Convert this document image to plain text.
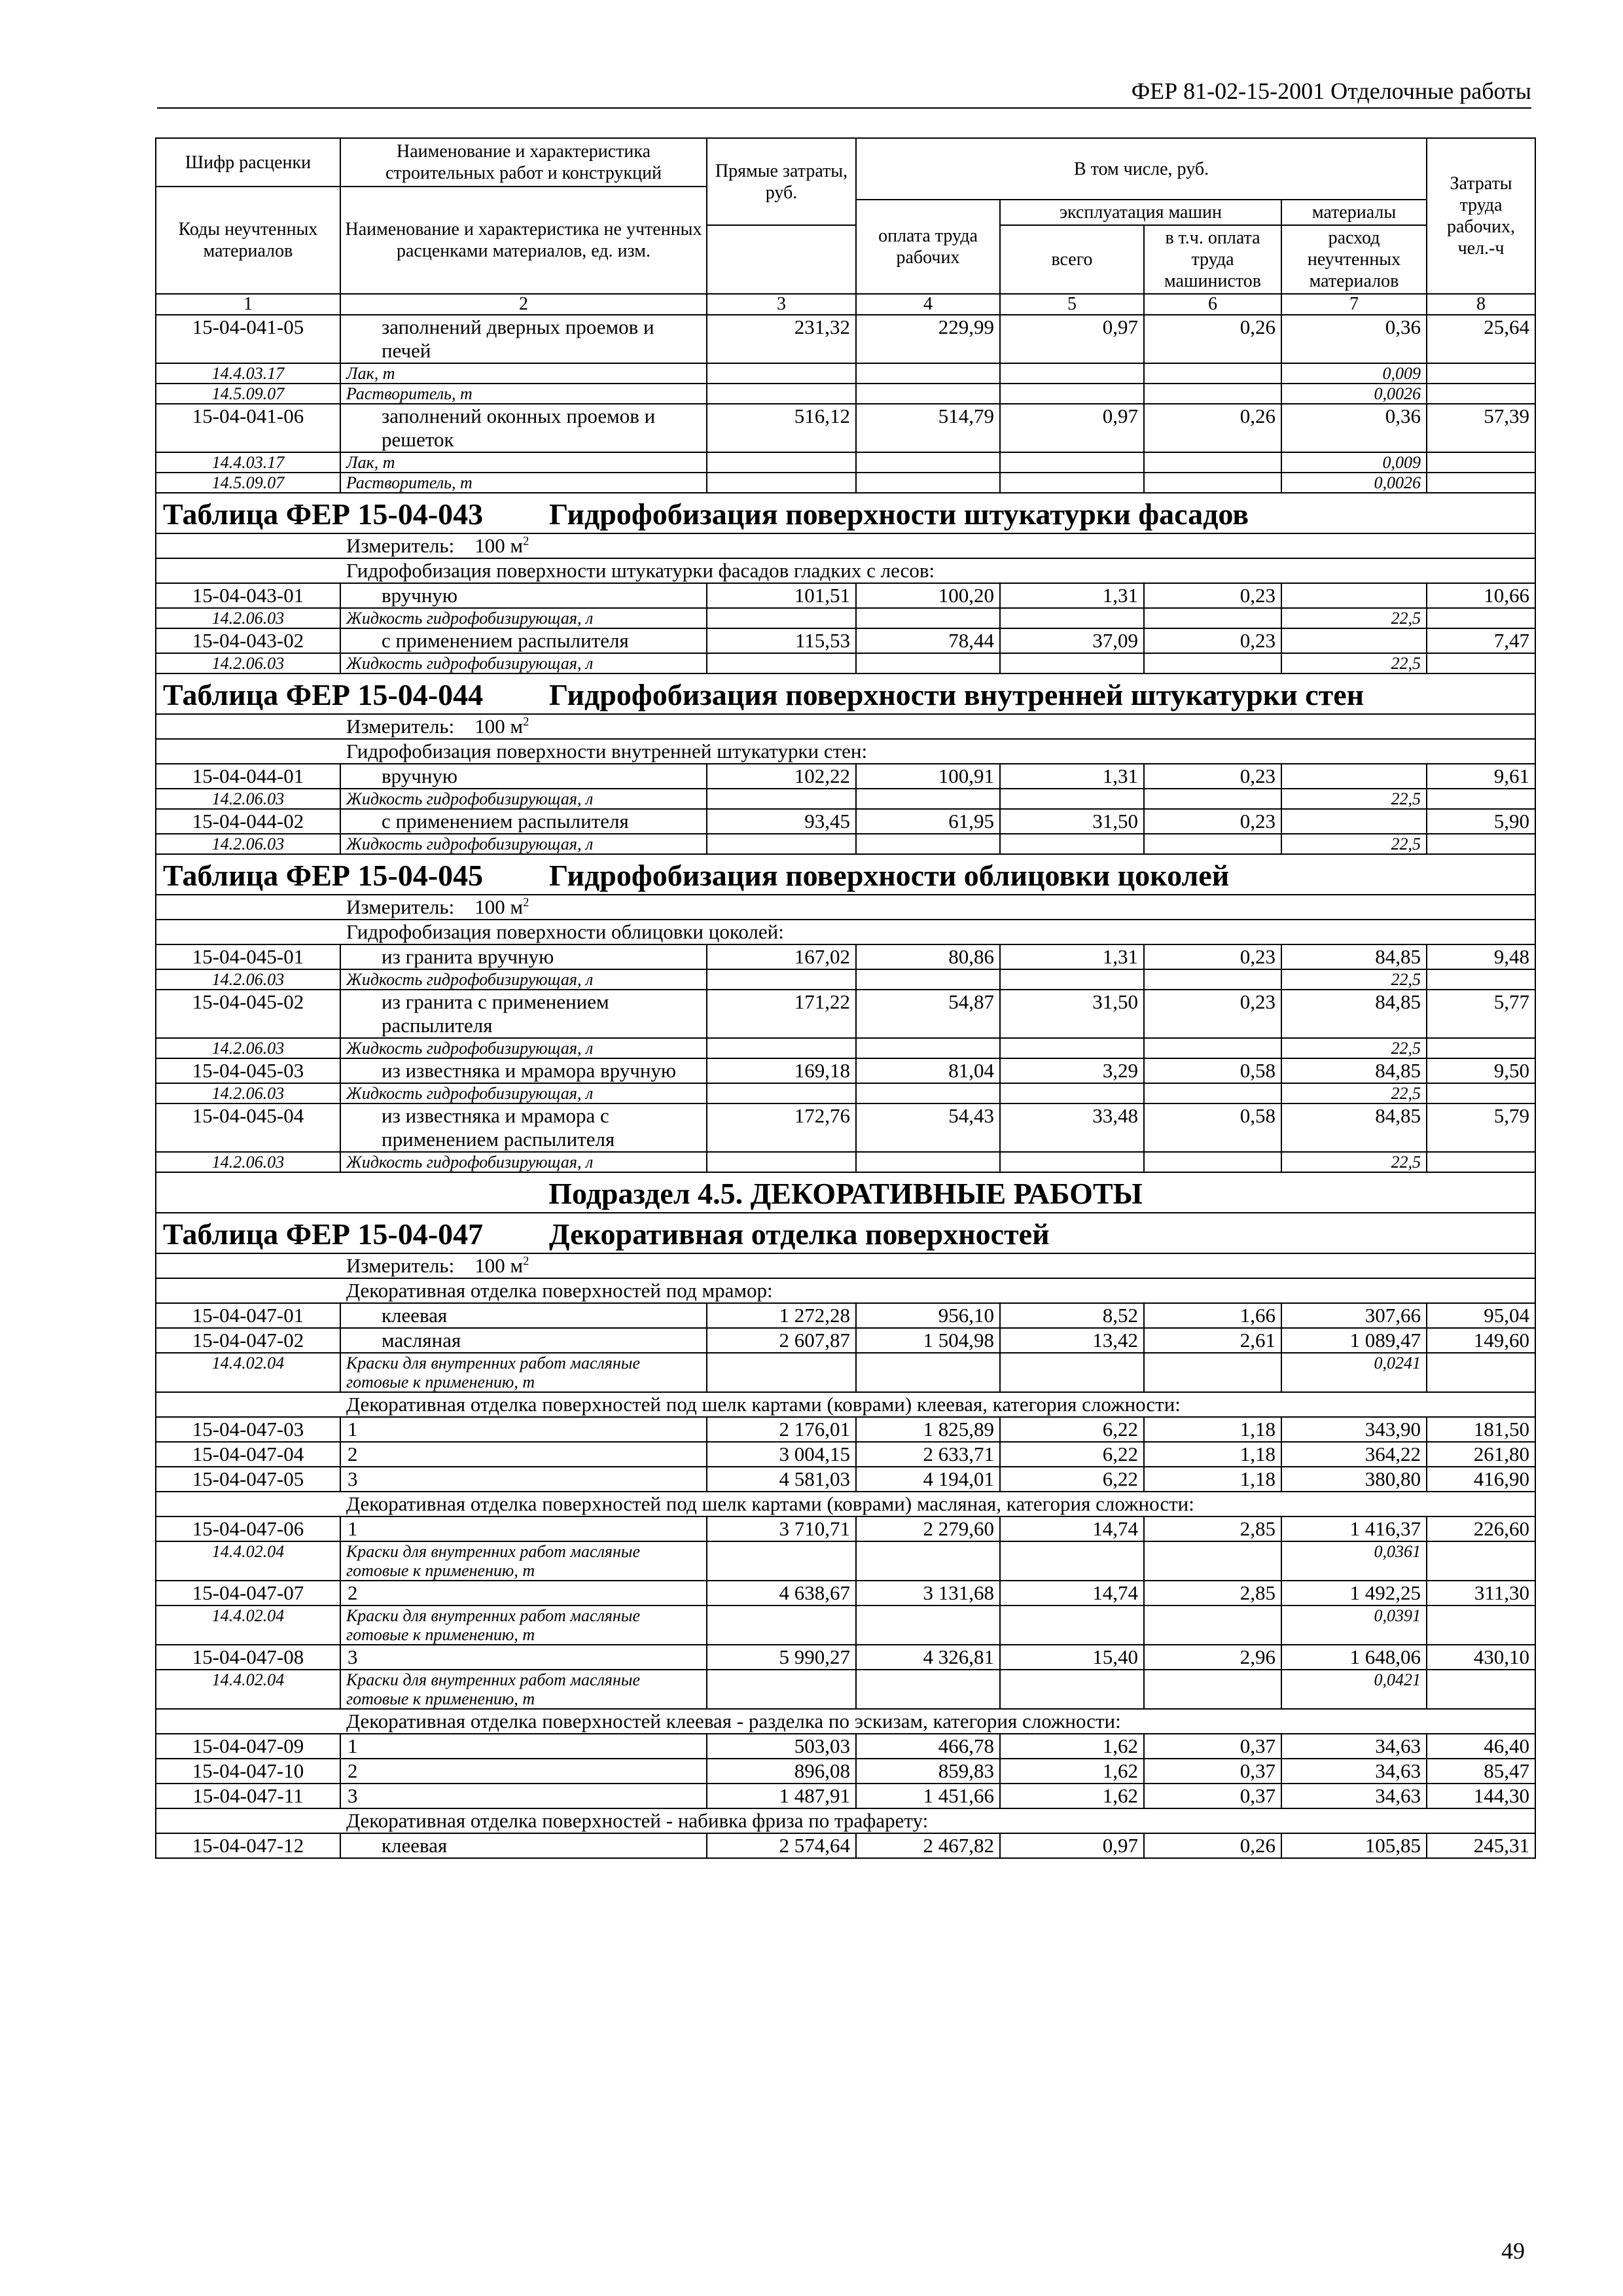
ФЕР 81-02-15-2001 Отделочные работы
Шифр расценки	Наименование и характеристика строительных работ и конструкций	Прямые затраты, руб.	В том числе, руб.				Затраты труда рабочих, чел.-ч
Коды неучтенных материалов	Наименование и характеристика не учтенных расценками материалов, ед. изм.						
			оплата труда рабочих	эксплуатация машин		материалы	
				всего	в т.ч. оплата труда машинистов	расход неучтенных материалов	
1	2	3	4	5	6	7	8
15-04-041-05	заполнений дверных проемов и печей	231,32	229,99	0,97	0,26	0,36	25,64
14.4.03.17	Лак, т					0,009	
14.5.09.07	Растворитель, т					0,0026	
15-04-041-06	заполнений оконных проемов и решеток	516,12	514,79	0,97	0,26	0,36	57,39
14.4.03.17	Лак, т					0,009	
14.5.09.07	Растворитель, т					0,0026	
Таблица ФЕР 15-04-043 Гидрофобизация поверхности штукатурки фасадов							
Измеритель:  100 $м^2$
Гидрофобизация поверхности штукатурки фасадов гладких с лесов:							
15-04-043-01	вручную	101,51	100,20	1,31	0,23		10,66
14.2.06.03	Жидкость гидрофобизирующая, л					22,5	
15-04-043-02	с применением распылителя	115,53	78,44	37,09	0,23		7,47
14.2.06.03	Жидкость гидрофобизирующая, л					22,5	
Таблица ФЕР 15-04-044 Гидрофобизация поверхности внутренней штукатурки стен							
Измеритель:  100 $м^2$
Гидрофобизация поверхности внутренней штукатурки стен:							
15-04-044-01	вручную	102,22	100,91	1,31	0,23		9,61
14.2.06.03	Жидкость гидрофобизирующая, л					22,5	
15-04-044-02	с применением распылителя	93,45	61,95	31,50	0,23		5,90
14.2.06.03	Жидкость гидрофобизирующая, л					22,5	
Таблица ФЕР 15-04-045 Гидрофобизация поверхности облицовки цоколей							
Измеритель:  100 $м^2$
Гидрофобизация поверхности облицовки цоколей:							
15-04-045-01	из гранита вручную	167,02	80,86	1,31	0,23	84,85	9,48
14.2.06.03	Жидкость гидрофобизирующая, л					22,5	
15-04-045-02	из гранита с применением распылителя	171,22	54,87	31,50	0,23	84,85	5,77
14.2.06.03	Жидкость гидрофобизирующая, л					22,5	
15-04-045-03	из известняка и мрамора вручную	169,18	81,04	3,29	0,58	84,85	9,50
14.2.06.03	Жидкость гидрофобизирующая, л					22,5	
15-04-045-04	из известняка и мрамора с применением распылителя	172,76	54,43	33,48	0,58	84,85	5,79
14.2.06.03	Жидкость гидрофобизирующая, л					22,5	
Подраздел 4.5. ДЕКОРАТИВНЫЕ РАБОТЫ							
Таблица ФЕР 15-04-047 Декоративная отделка поверхностей							
Измеритель:  100 $м^2$
Декоративная отделка поверхностей под мрамор:							
15-04-047-01	клеевая	1 272,28	956,10	8,52	1,66	307,66	95,04
15-04-047-02	масляная	2 607,87	1 504,98	13,42	2,61	1 089,47	149,60
14.4.02.04	Краски для внутренних работ масляные готовые к применению, т					0,0241	
Декоративная отделка поверхностей под шелк картами (коврами) клеевая, категория сложности:							
15-04-047-03	1	2 176,01	1 825,89	6,22	1,18	343,90	181,50
15-04-047-04	2	3 004,15	2 633,71	6,22	1,18	364,22	261,80
15-04-047-05	3	4 581,03	4 194,01	6,22	1,18	380,80	416,90
Декоративная отделка поверхностей под шелк картами (коврами) масляная, категория сложности:							
15-04-047-06	1	3 710,71	2 279,60	14,74	2,85	1 416,37	226,60
14.4.02.04	Краски для внутренних работ масляные готовые к применению, т					0,0361	
15-04-047-07	2	4 638,67	3 131,68	14,74	2,85	1 492,25	311,30
14.4.02.04	Краски для внутренних работ масляные готовые к применению, т					0,0391	
15-04-047-08	3	5 990,27	4 326,81	15,40	2,96	1 648,06	430,10
14.4.02.04	Краски для внутренних работ масляные готовые к применению, т					0,0421	
Декоративная отделка поверхностей клеевая - разделка по эскизам, категория сложности:							
15-04-047-09	1	503,03	466,78	1,62	0,37	34,63	46,40
15-04-047-10	2	896,08	859,83	1,62	0,37	34,63	85,47
15-04-047-11	3	1 487,91	1 451,66	1,62	0,37	34,63	144,30
Декоративная отделка поверхностей - набивка фриза по трафарету:							
15-04-047-12	клеевая	2 574,64	2 467,82	0,97	0,26	105,85	245,31
49
